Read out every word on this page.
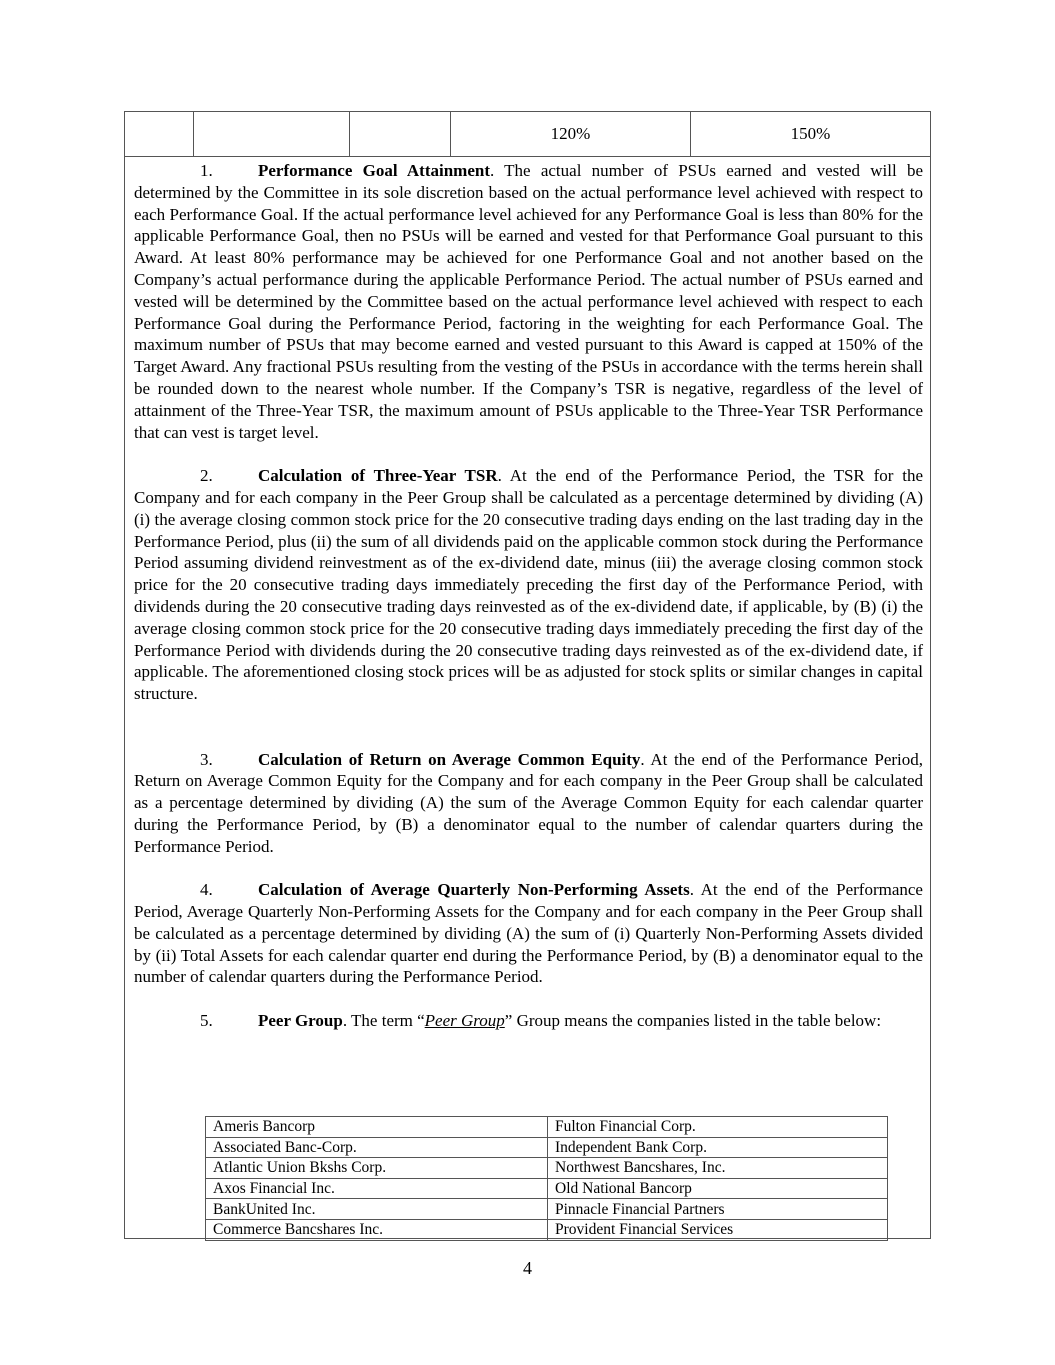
120%	150%

1.	Performance Goal Attainment. The actual number of PSUs earned and vested will be determined by the Committee in its sole discretion based on the actual performance level achieved with respect to each Performance Goal. If the actual performance level achieved for any Performance Goal is less than 80% for the applicable Performance Goal, then no PSUs will be earned and vested for that Performance Goal pursuant to this Award. At least 80% performance may be achieved for one Performance Goal and not another based on the Company’s actual performance during the applicable Performance Period. The actual number of PSUs earned and vested will be determined by the Committee based on the actual performance level achieved with respect to each Performance Goal during the Performance Period, factoring in the weighting for each Performance Goal. The maximum number of PSUs that may become earned and vested pursuant to this Award is capped at 150% of the Target Award. Any fractional PSUs resulting from the vesting of the PSUs in accordance with the terms herein shall be rounded down to the nearest whole number. If the Company’s TSR is negative, regardless of the level of attainment of the Three-Year TSR, the maximum amount of PSUs applicable to the Three-Year TSR Performance that can vest is target level.

2.	Calculation of Three-Year TSR. At the end of the Performance Period, the TSR for the Company and for each company in the Peer Group shall be calculated as a percentage determined by dividing (A) (i) the average closing common stock price for the 20 consecutive trading days ending on the last trading day in the Performance Period, plus (ii) the sum of all dividends paid on the applicable common stock during the Performance Period assuming dividend reinvestment as of the ex-dividend date, minus (iii) the average closing common stock price for the 20 consecutive trading days immediately preceding the first day of the Performance Period, with dividends during the 20 consecutive trading days reinvested as of the ex-dividend date, if applicable, by (B) (i) the average closing common stock price for the 20 consecutive trading days immediately preceding the first day of the Performance Period with dividends during the 20 consecutive trading days reinvested as of the ex-dividend date, if applicable. The aforementioned closing stock prices will be as adjusted for stock splits or similar changes in capital structure.

3.	Calculation of Return on Average Common Equity. At the end of the Performance Period, Return on Average Common Equity for the Company and for each company in the Peer Group shall be calculated as a percentage determined by dividing (A) the sum of the Average Common Equity for each calendar quarter during the Performance Period, by (B) a denominator equal to the number of calendar quarters during the Performance Period.

4.	Calculation of Average Quarterly Non-Performing Assets. At the end of the Performance Period, Average Quarterly Non-Performing Assets for the Company and for each company in the Peer Group shall be calculated as a percentage determined by dividing (A) the sum of (i) Quarterly Non-Performing Assets divided by (ii) Total Assets for each calendar quarter end during the Performance Period, by (B) a denominator equal to the number of calendar quarters during the Performance Period.

5.	Peer Group. The term “Peer Group” Group means the companies listed in the table below:

Ameris Bancorp	Fulton Financial Corp.
Associated Banc-Corp.	Independent Bank Corp.
Atlantic Union Bkshs Corp.	Northwest Bancshares, Inc.
Axos Financial Inc.	Old National Bancorp
BankUnited Inc.	Pinnacle Financial Partners
Commerce Bancshares Inc.	Provident Financial Services
4
